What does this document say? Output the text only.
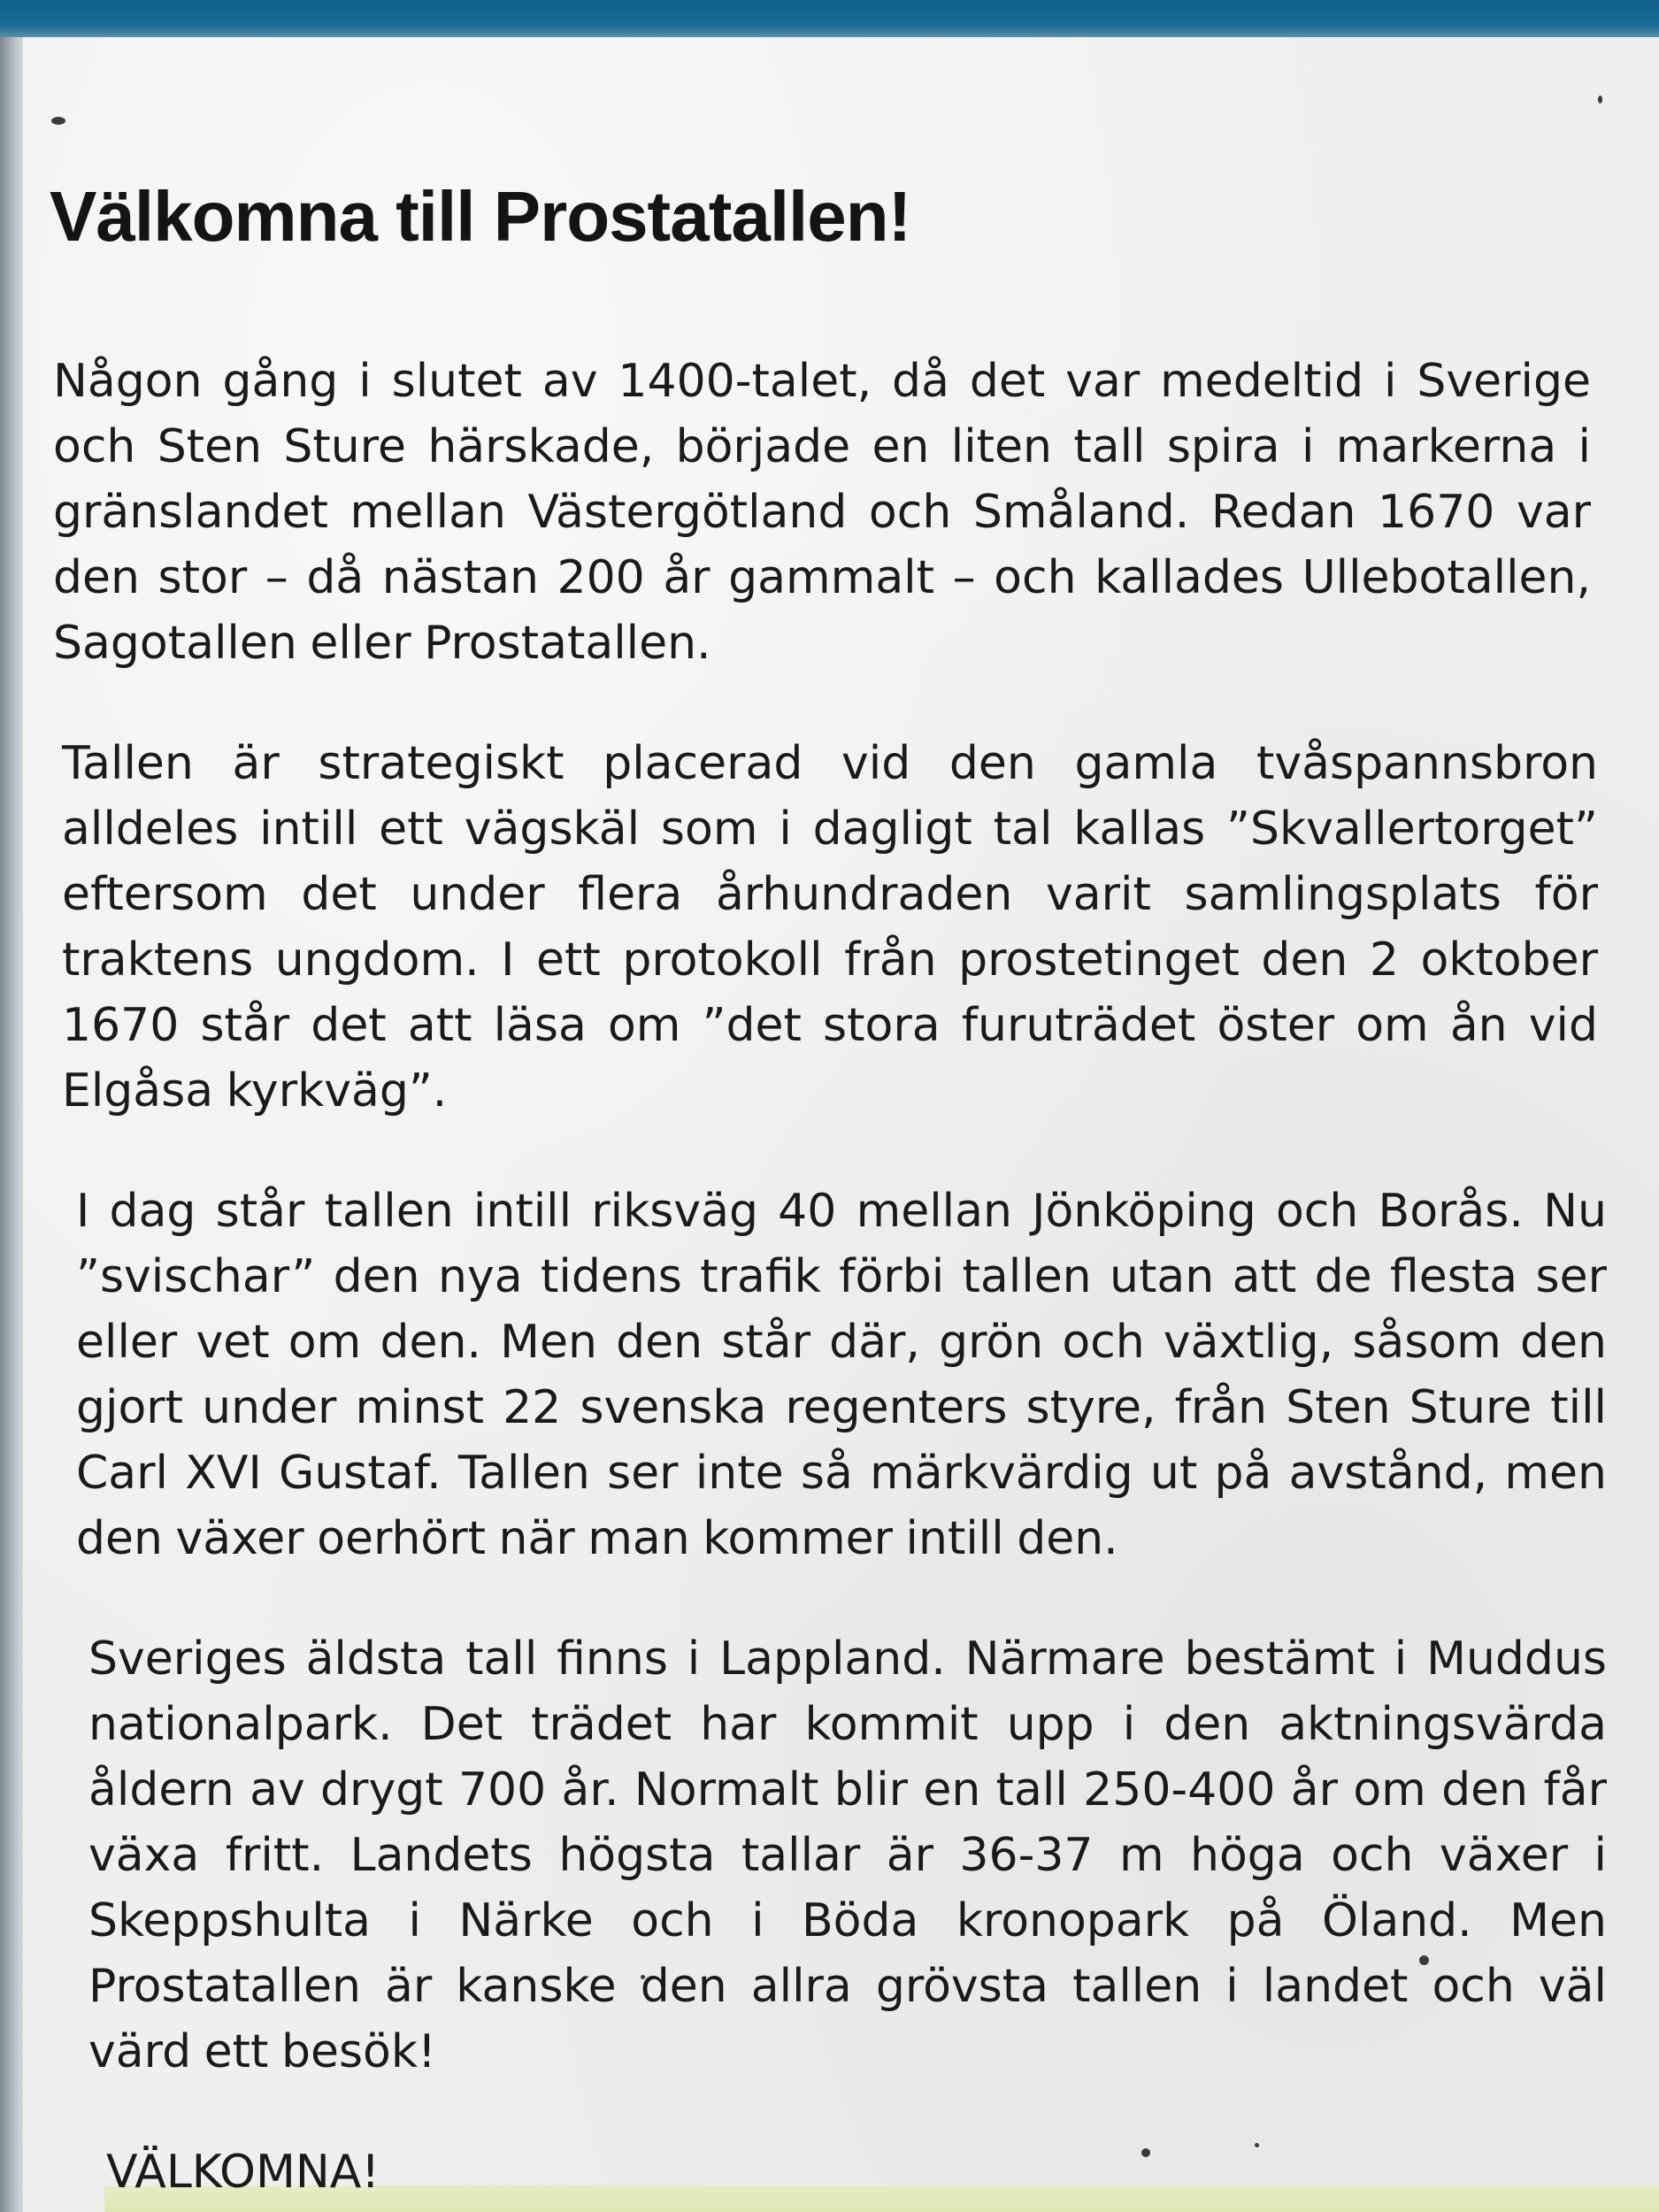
Välkomna till Prostatallen!

Någon gång i slutet av 1400-talet, då det var medeltid i Sverige och Sten Sture härskade, började en liten tall spira i markerna i gränslandet mellan Västergötland och Småland. Redan 1670 var den stor – då nästan 200 år gammalt – och kallades Ullebotallen, Sagotallen eller Prostatallen.

Tallen är strategiskt placerad vid den gamla tvåspannsbron alldeles intill ett vägskäl som i dagligt tal kallas ”Skvallertorget” eftersom det under flera århundraden varit samlingsplats för traktens ungdom. I ett protokoll från prostetinget den 2 oktober 1670 står det att läsa om ”det stora furuträdet öster om ån vid Elgåsa kyrkväg”.

I dag står tallen intill riksväg 40 mellan Jönköping och Borås. Nu ”svischar” den nya tidens trafik förbi tallen utan att de flesta ser eller vet om den. Men den står där, grön och växtlig, såsom den gjort under minst 22 svenska regenters styre, från Sten Sture till Carl XVI Gustaf. Tallen ser inte så märkvärdig ut på avstånd, men den växer oerhört när man kommer intill den.

Sveriges äldsta tall finns i Lappland. Närmare bestämt i Muddus nationalpark. Det trädet har kommit upp i den aktningsvärda åldern av drygt 700 år. Normalt blir en tall 250-400 år om den får växa fritt. Landets högsta tallar är 36-37 m höga och växer i Skeppshulta i Närke och i Böda kronopark på Öland. Men Prostatallen är kanske den allra grövsta tallen i landet och väl värd ett besök!

VÄLKOMNA!
